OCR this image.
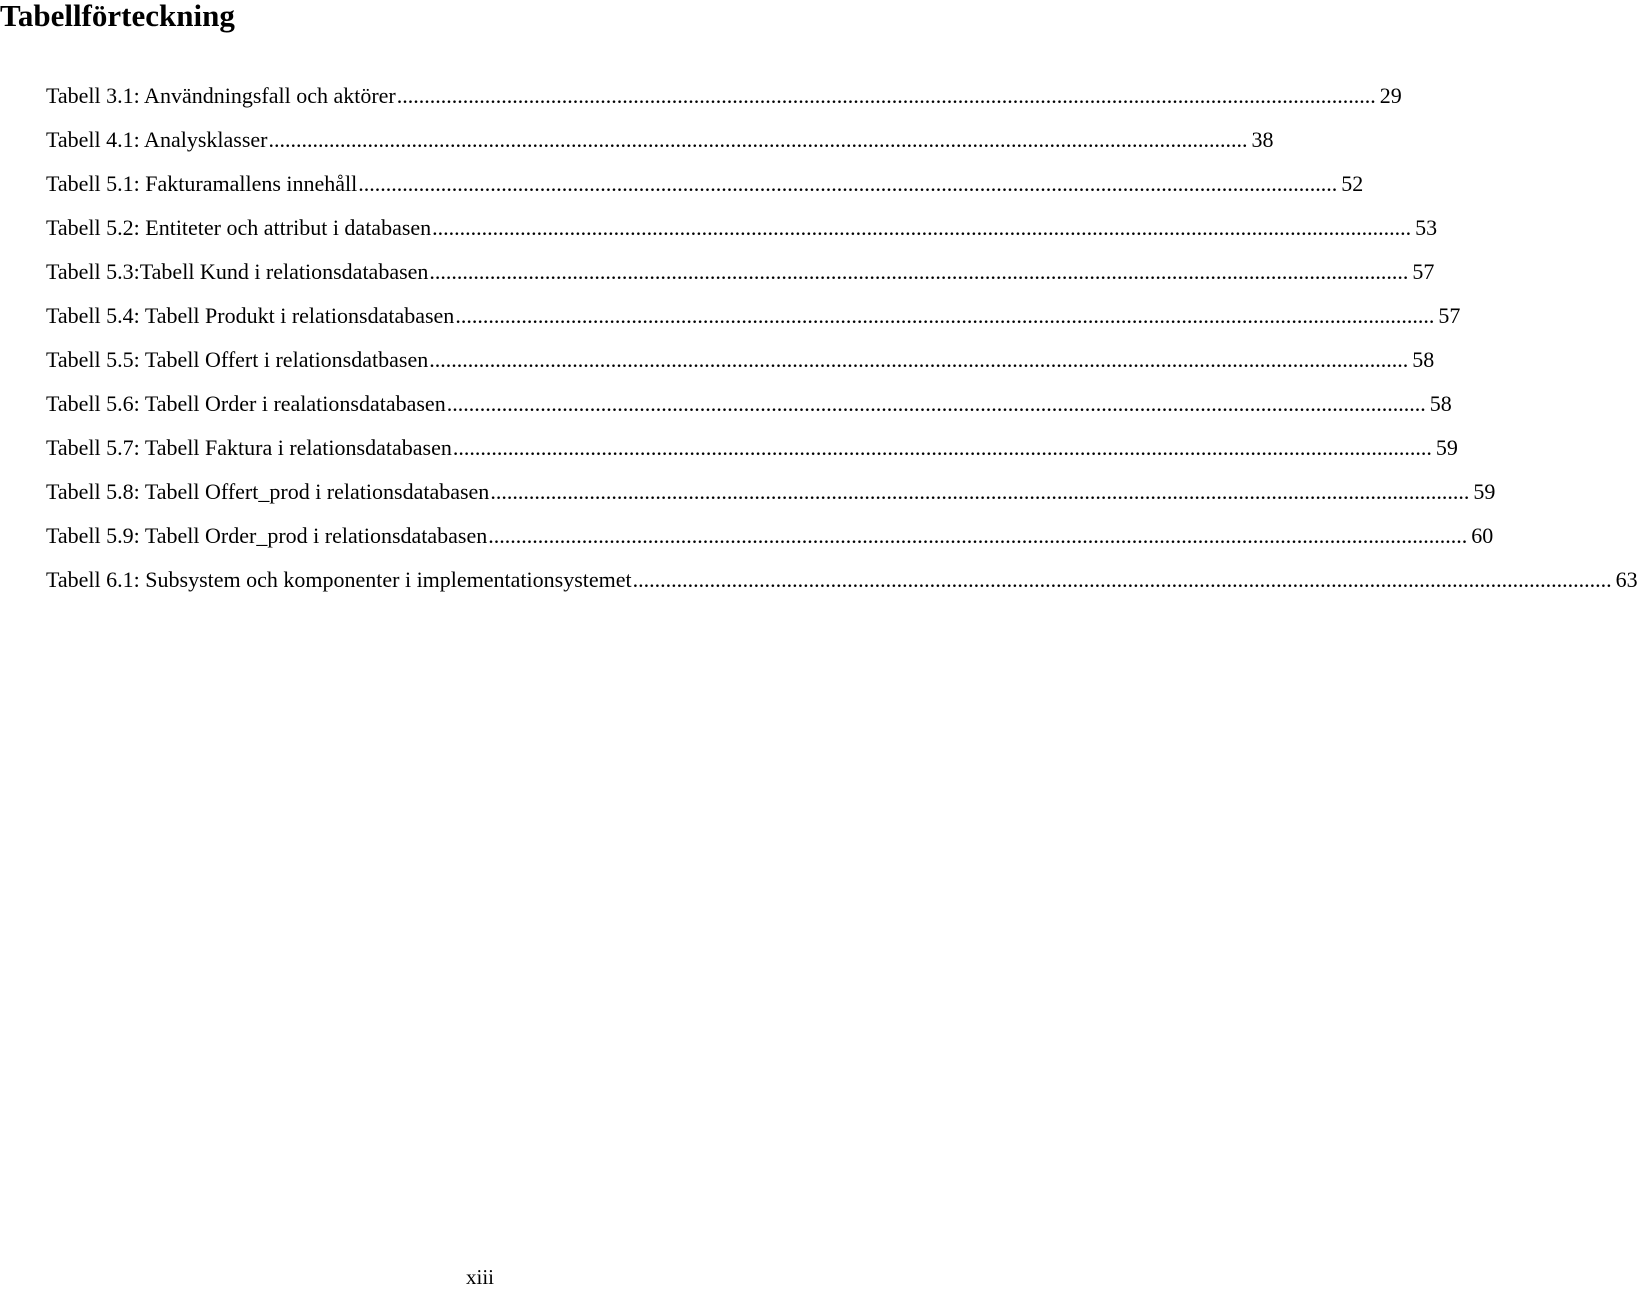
Tabellförteckning
Tabell 3.1: Användningsfall och aktörer .................................................................................................................................................................................. 29
Tabell 4.1: Analysklasser .................................................................................................................................................................................. 38
Tabell 5.1: Fakturamallens innehåll .................................................................................................................................................................................. 52
Tabell 5.2: Entiteter och attribut i databasen .................................................................................................................................................................................. 53
Tabell 5.3:Tabell Kund i relationsdatabasen .................................................................................................................................................................................. 57
Tabell 5.4: Tabell Produkt i relationsdatabasen .................................................................................................................................................................................. 57
Tabell 5.5: Tabell Offert i relationsdatbasen .................................................................................................................................................................................. 58
Tabell 5.6: Tabell Order i realationsdatabasen .................................................................................................................................................................................. 58
Tabell 5.7: Tabell Faktura i relationsdatabasen .................................................................................................................................................................................. 59
Tabell 5.8: Tabell Offert_prod i relationsdatabasen .................................................................................................................................................................................. 59
Tabell 5.9: Tabell Order_prod i relationsdatabasen .................................................................................................................................................................................. 60
Tabell 6.1: Subsystem och komponenter i implementationsystemet .................................................................................................................................................................................. 63
xiii
